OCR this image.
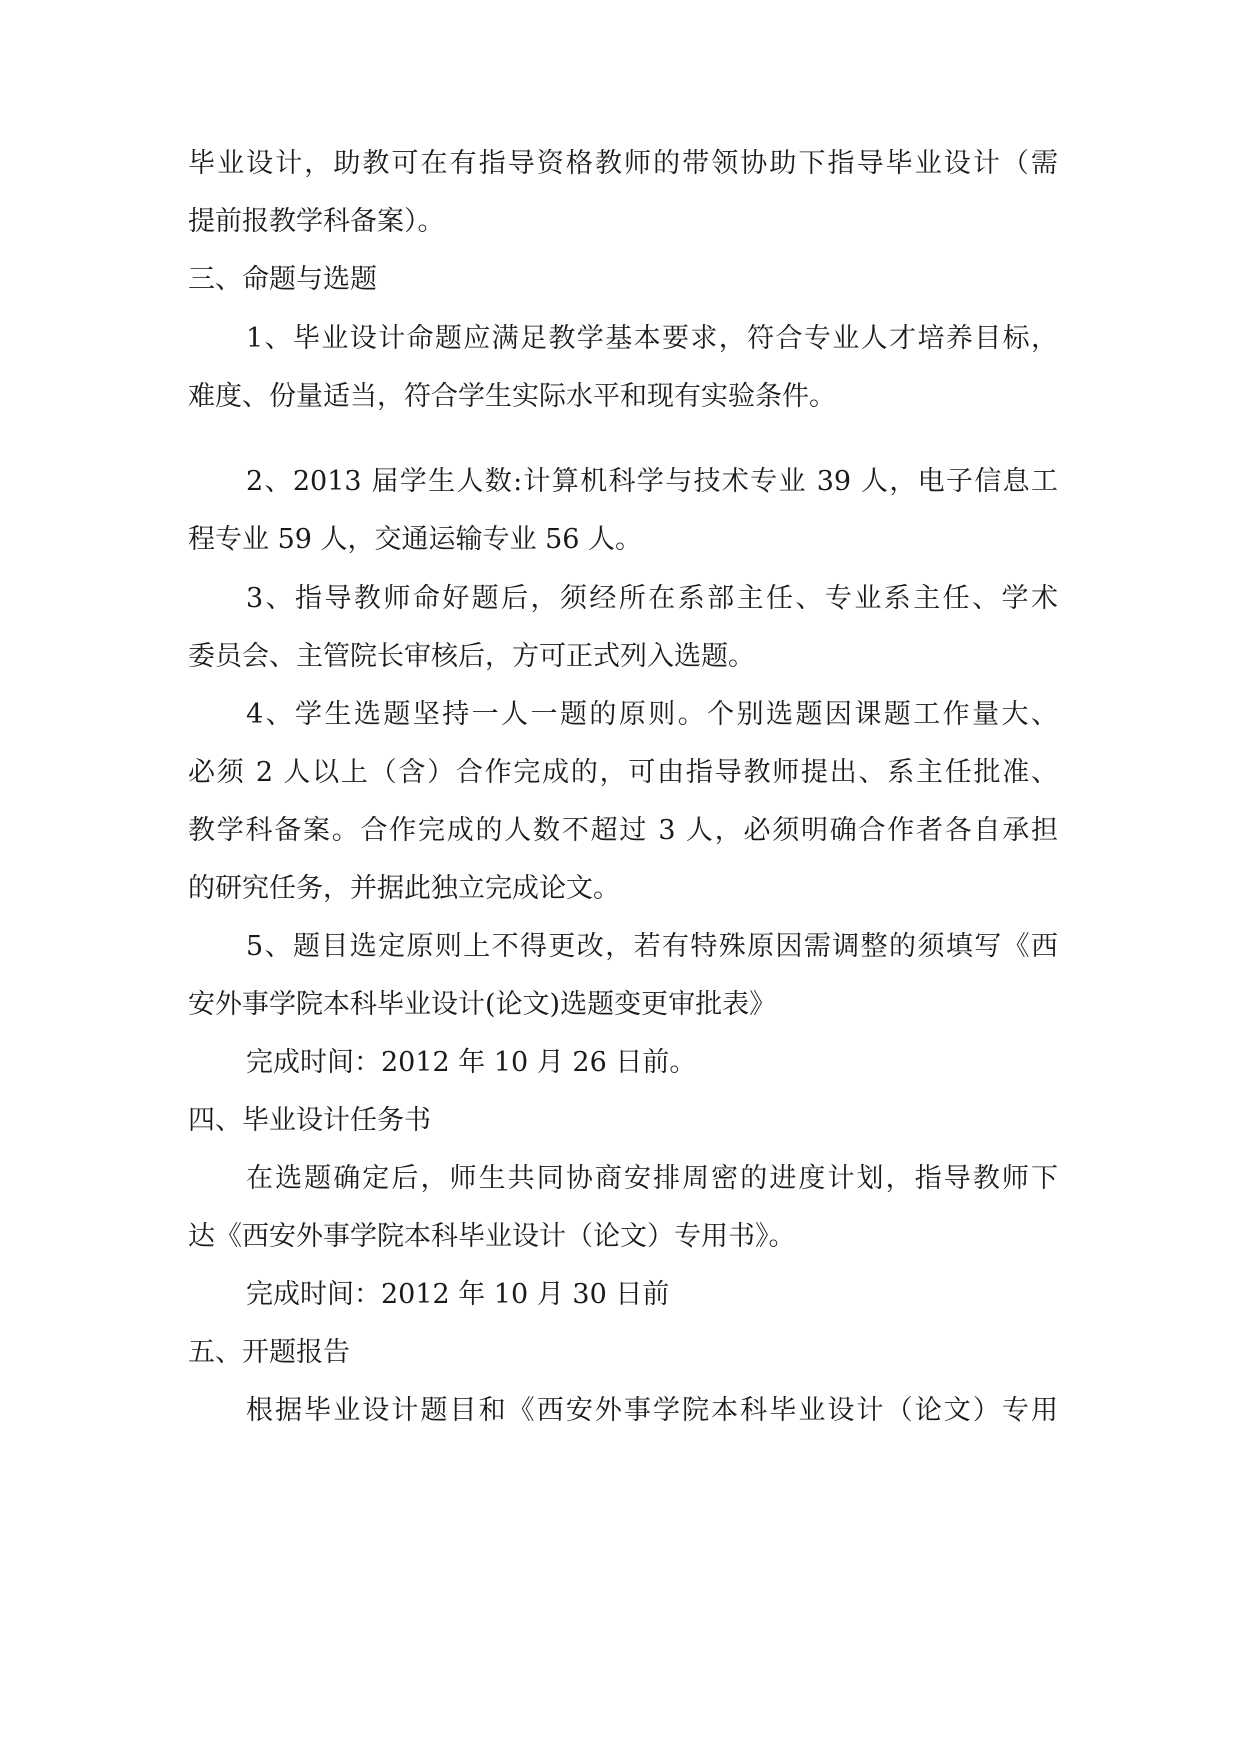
毕业设计，助教可在有指导资格教师的带领协助下指导毕业设计（需
提前报教学科备案）。
三、命题与选题
1、毕业设计命题应满足教学基本要求，符合专业人才培养目标，
难度、份量适当，符合学生实际水平和现有实验条件。
2、2013 届学生人数:计算机科学与技术专业 39 人，电子信息工
程专业 59 人，交通运输专业 56 人。
3、指导教师命好题后，须经所在系部主任、专业系主任、学术
委员会、主管院长审核后，方可正式列入选题。
4、学生选题坚持一人一题的原则。个别选题因课题工作量大、
必须 2 人以上（含）合作完成的，可由指导教师提出、系主任批准、
教学科备案。合作完成的人数不超过 3 人，必须明确合作者各自承担
的研究任务，并据此独立完成论文。
5、题目选定原则上不得更改，若有特殊原因需调整的须填写《西
安外事学院本科毕业设计(论文)选题变更审批表》
完成时间：2012 年 10 月 26 日前。
四、毕业设计任务书
在选题确定后，师生共同协商安排周密的进度计划，指导教师下
达《西安外事学院本科毕业设计（论文）专用书》。
完成时间：2012 年 10 月 30 日前
五、开题报告
根据毕业设计题目和《西安外事学院本科毕业设计（论文）专用
